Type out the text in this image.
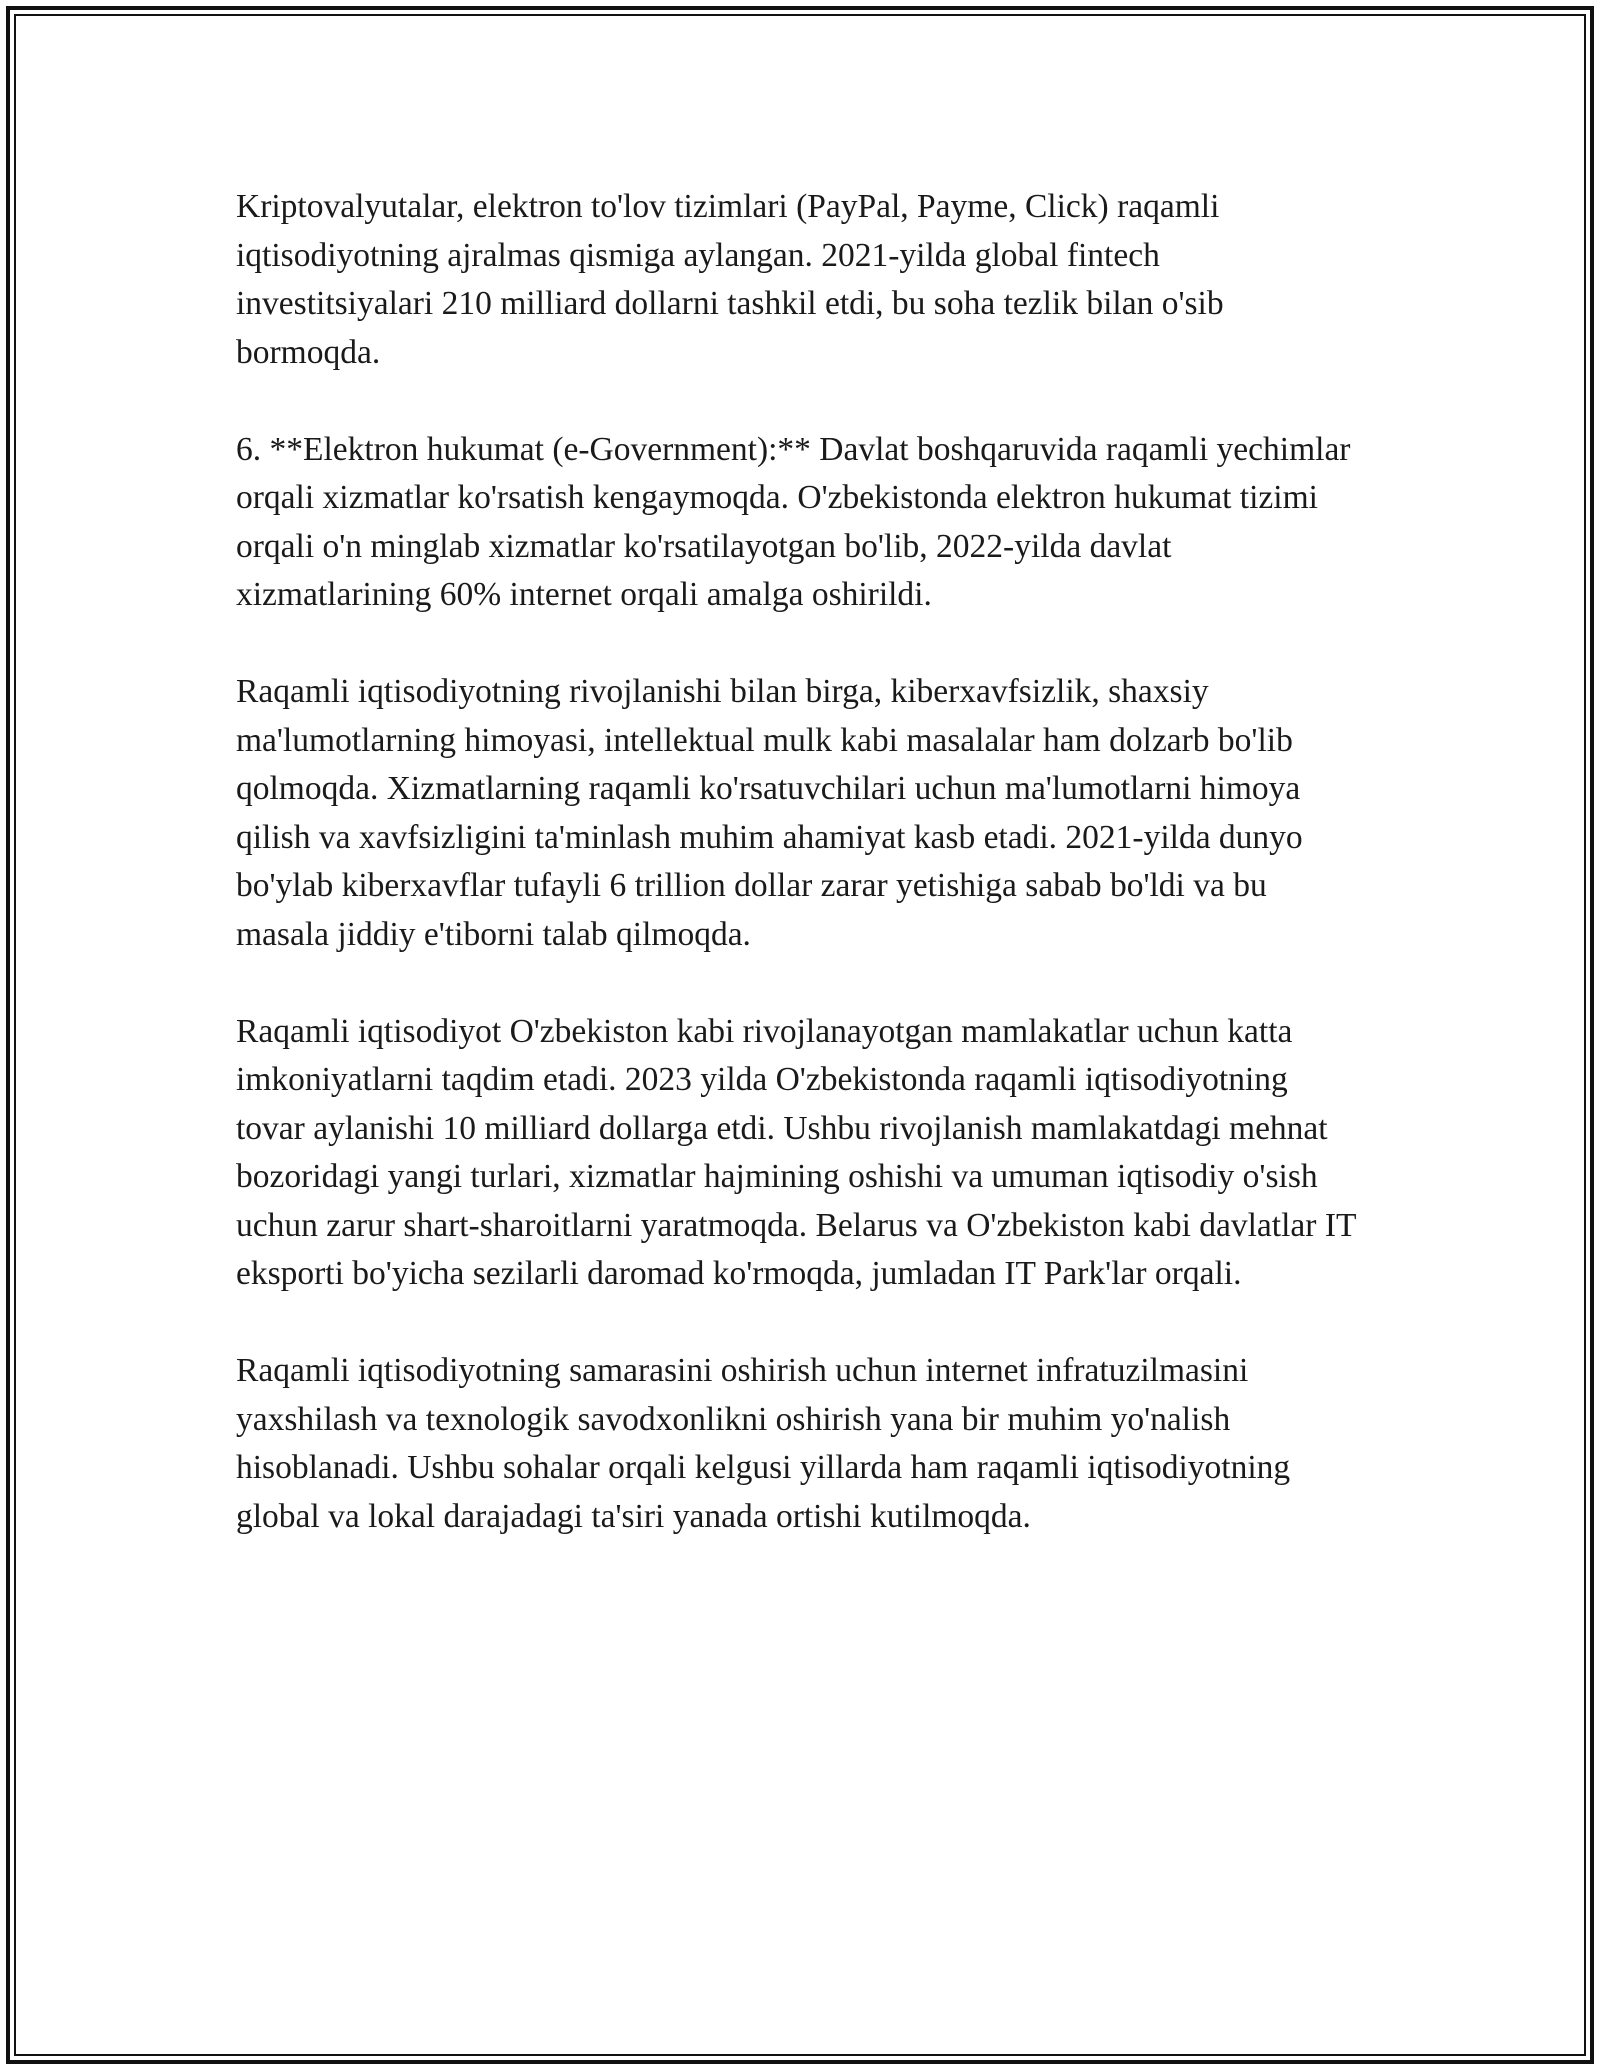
Kriptovalyutalar, elektron to'lov tizimlari (PayPal, Payme, Click) raqamli iqtisodiyotning ajralmas qismiga aylangan. 2021-yilda global fintech investitsiyalari 210 milliard dollarni tashkil etdi, bu soha tezlik bilan o'sib bormoqda.

6. **Elektron hukumat (e-Government):** Davlat boshqaruvida raqamli yechimlar orqali xizmatlar ko'rsatish kengaymoqda. O'zbekistonda elektron hukumat tizimi orqali o'n minglab xizmatlar ko'rsatilayotgan bo'lib, 2022-yilda davlat xizmatlarining 60% internet orqali amalga oshirildi.

Raqamli iqtisodiyotning rivojlanishi bilan birga, kiberxavfsizlik, shaxsiy ma'lumotlarning himoyasi, intellektual mulk kabi masalalar ham dolzarb bo'lib qolmoqda. Xizmatlarning raqamli ko'rsatuvchilari uchun ma'lumotlarni himoya qilish va xavfsizligini ta'minlash muhim ahamiyat kasb etadi. 2021-yilda dunyo bo'ylab kiberxavflar tufayli 6 trillion dollar zarar yetishiga sabab bo'ldi va bu masala jiddiy e'tiborni talab qilmoqda.

Raqamli iqtisodiyot O'zbekiston kabi rivojlanayotgan mamlakatlar uchun katta imkoniyatlarni taqdim etadi. 2023 yilda O'zbekistonda raqamli iqtisodiyotning tovar aylanishi 10 milliard dollarga etdi. Ushbu rivojlanish mamlakatdagi mehnat bozoridagi yangi turlari, xizmatlar hajmining oshishi va umuman iqtisodiy o'sish uchun zarur shart-sharoitlarni yaratmoqda. Belarus va O'zbekiston kabi davlatlar IT eksporti bo'yicha sezilarli daromad ko'rmoqda, jumladan IT Park'lar orqali.

Raqamli iqtisodiyotning samarasini oshirish uchun internet infratuzilmasini yaxshilash va texnologik savodxonlikni oshirish yana bir muhim yo'nalish hisoblanadi. Ushbu sohalar orqali kelgusi yillarda ham raqamli iqtisodiyotning global va lokal darajadagi ta'siri yanada ortishi kutilmoqda.
